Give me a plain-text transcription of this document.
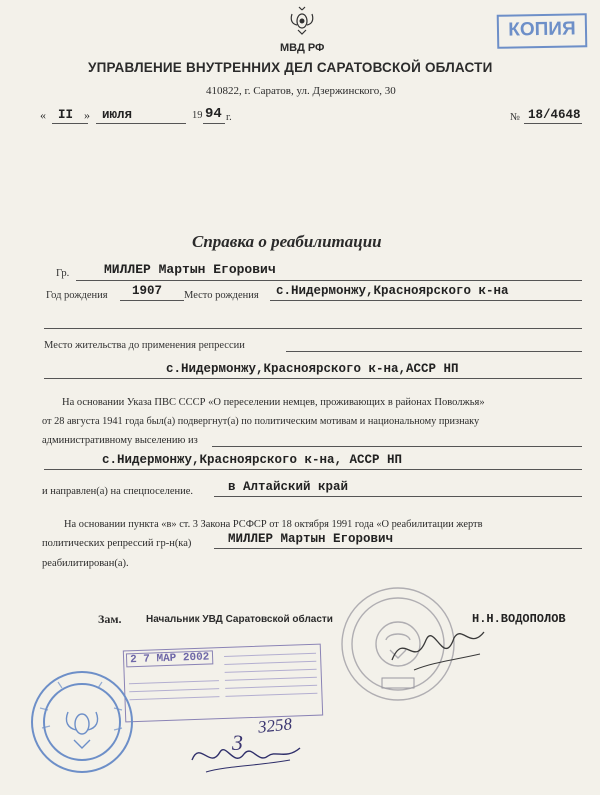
МВД РФ
УПРАВЛЕНИЕ ВНУТРЕННИХ ДЕЛ САРАТОВСКОЙ ОБЛАСТИ
410822, г. Саратов, ул. Дзержинского, 30
КОПИЯ
« II » июля	19 94 г.	№ 18/4648
Справка о реабилитации
Гр.	МИЛЛЕР Мартын Егорович
Год рождения 1907 Место рождения с.Нидермонжу,Красноярского к-на
Место жительства до применения репрессии
с.Нидермонжу,Красноярского к-на,АССР НП
На основании Указа ПВС СССР «О переселении немцев, проживающих в районах Поволжья»
от 28 августа 1941 года был(а) подвергнут(а) по политическим мотивам и национальному признаку
административному выселению из
с.Нидермонжу,Красноярского к-на, АССР НП
и направлен(а) на спецпоселение.	в Алтайский край
На основании пункта «в» ст. 3 Закона РСФСР от 18 октября 1991 года «О реабилитации жертв
политических репрессий гр-н(ка)	МИЛЛЕР Мартын Егорович
реабилитирован(а).
Зам. Начальник УВД Саратовской области	Н.Н.ВОДОПОЛОВ
2 7 МАР 2002
3258
3
